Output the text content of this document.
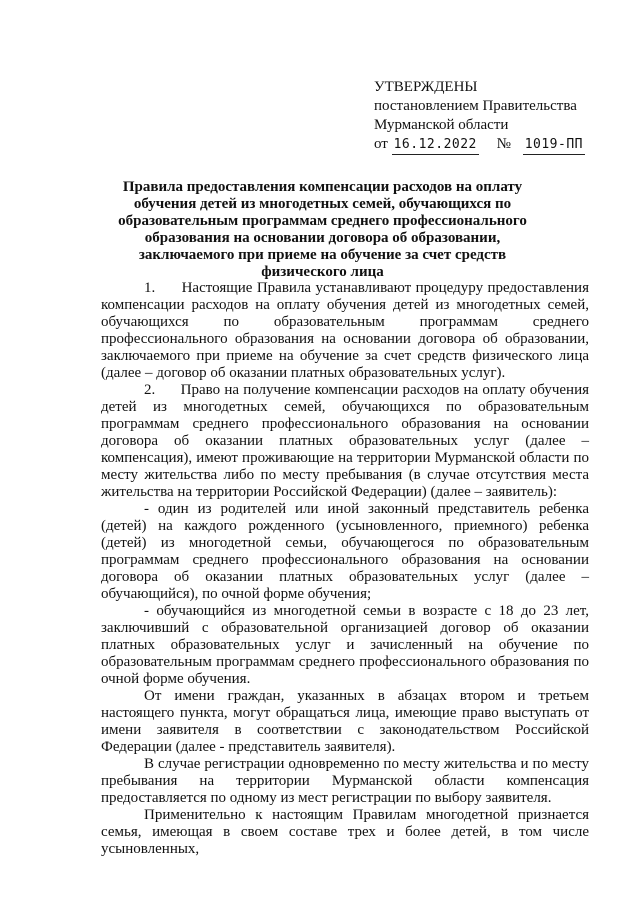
УТВЕРЖДЕНЫ
постановлением Правительства
Мурманской области
от 16.12.2022 № 1019-ПП
Правила предоставления компенсации расходов на оплату обучения детей из многодетных семей, обучающихся по образовательным программам среднего профессионального образования на основании договора об образовании, заключаемого при приеме на обучение за счет средств физического лица

1.      Настоящие Правила устанавливают процедуру предоставления компенсации расходов на оплату обучения детей из многодетных семей, обучающихся по образовательным программам среднего профессионального образования на основании договора об образовании, заключаемого при приеме на обучение за счет средств физического лица (далее – договор об оказании платных образовательных услуг).

2.      Право на получение компенсации расходов на оплату обучения детей из многодетных семей, обучающихся по образовательным программам среднего профессионального образования на основании договора об оказании платных образовательных услуг (далее – компенсация), имеют проживающие на территории Мурманской области по месту жительства либо по месту пребывания (в случае отсутствия места жительства на территории Российской Федерации) (далее – заявитель):

- один из родителей или иной законный представитель ребенка (детей) на каждого рожденного (усыновленного, приемного) ребенка (детей) из многодетной семьи, обучающегося по образовательным программам среднего профессионального образования на основании договора об оказании платных образовательных услуг (далее – обучающийся), по очной форме обучения;

- обучающийся из многодетной семьи в возрасте с 18 до 23 лет, заключивший с образовательной организацией договор об оказании платных образовательных услуг и зачисленный на обучение по образовательным программам среднего профессионального образования по очной форме обучения.

От имени граждан, указанных в абзацах втором и третьем настоящего пункта, могут обращаться лица, имеющие право выступать от имени заявителя в соответствии с законодательством Российской Федерации (далее - представитель заявителя).

В случае регистрации одновременно по месту жительства и по месту пребывания на территории Мурманской области компенсация предоставляется по одному из мест регистрации по выбору заявителя.

Применительно к настоящим Правилам многодетной признается семья, имеющая в своем составе трех и более детей, в том числе усыновленных,
